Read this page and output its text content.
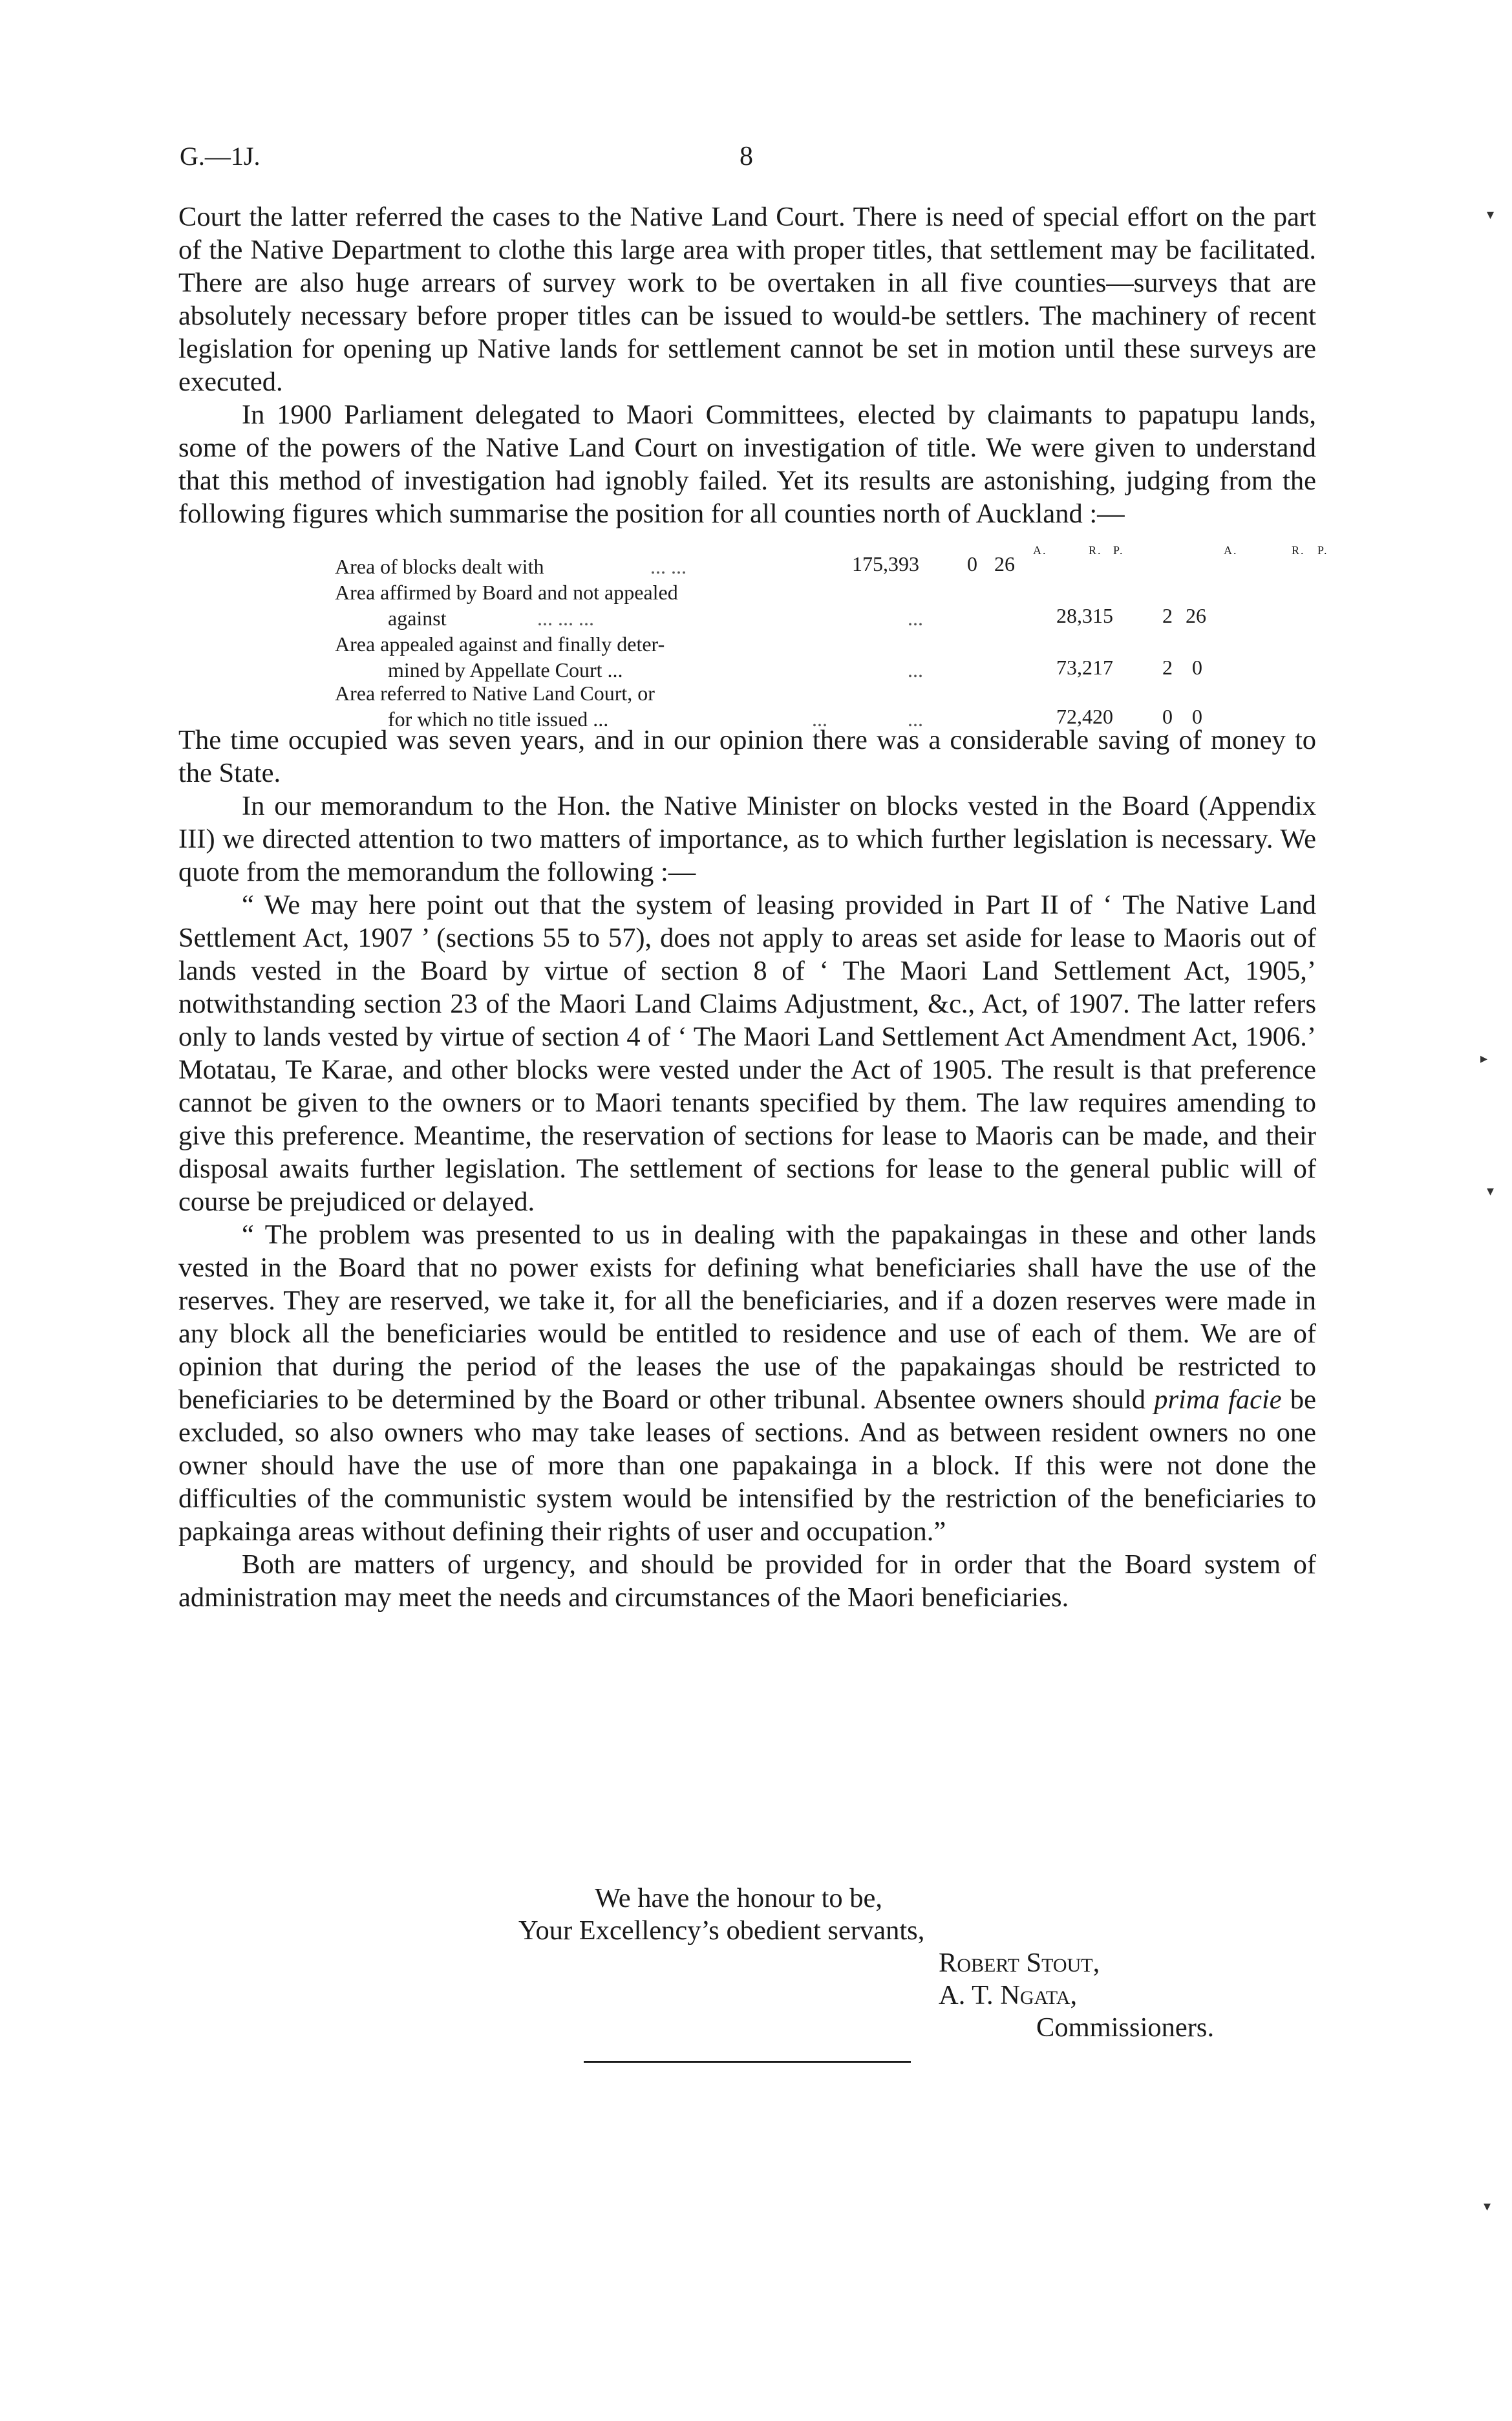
G.—1J.	8

Court the latter referred the cases to the Native Land Court. There is need of special effort on the part of the Native Department to clothe this large area with proper titles, that settlement may be facilitated. There are also huge arrears of survey work to be overtaken in all five counties—surveys that are absolutely necessary before proper titles can be issued to would-be settlers. The machinery of recent legislation for opening up Native lands for settlement cannot be set in motion until these surveys are executed.

In 1900 Parliament delegated to Maori Committees, elected by claimants to papatupu lands, some of the powers of the Native Land Court on investigation of title. We were given to understand that this method of investigation had ignobly failed. Yet its results are astonishing, judging from the following figures which summarise the position for all counties north of Auckland :—

A.	R. P.	A.	R. P.
Area of blocks dealt with	... ...	175,393 0 26
Area affirmed by Board and not appealed
against	... ... ...	...	28,315 2 26
Area appealed against and finally deter-
mined by Appellate Court ...	...	73,217 2 0
Area referred to Native Land Court, or
for which no title issued ...	...	...	72,420 0 0

The time occupied was seven years, and in our opinion there was a considerable saving of money to the State.

In our memorandum to the Hon. the Native Minister on blocks vested in the Board (Appendix III) we directed attention to two matters of importance, as to which further legislation is necessary. We quote from the memorandum the following :—

“ We may here point out that the system of leasing provided in Part II of ‘ The Native Land Settlement Act, 1907 ’ (sections 55 to 57), does not apply to areas set aside for lease to Maoris out of lands vested in the Board by virtue of section 8 of ‘ The Maori Land Settlement Act, 1905,’ notwithstanding section 23 of the Maori Land Claims Adjustment, &c., Act, of 1907. The latter refers only to lands vested by virtue of section 4 of ‘ The Maori Land Settlement Act Amendment Act, 1906.’ Motatau, Te Karae, and other blocks were vested under the Act of 1905. The result is that preference cannot be given to the owners or to Maori tenants specified by them. The law requires amending to give this preference. Meantime, the reservation of sections for lease to Maoris can be made, and their disposal awaits further legislation. The settlement of sections for lease to the general public will of course be prejudiced or delayed.

“ The problem was presented to us in dealing with the papakaingas in these and other lands vested in the Board that no power exists for defining what beneficiaries shall have the use of the reserves. They are reserved, we take it, for all the beneficiaries, and if a dozen reserves were made in any block all the beneficiaries would be entitled to residence and use of each of them. We are of opinion that during the period of the leases the use of the papakaingas should be restricted to beneficiaries to be determined by the Board or other tribunal. Absentee owners should prima facie be excluded, so also owners who may take leases of sections. And as between resident owners no one owner should have the use of more than one papakainga in a block. If this were not done the difficulties of the communistic system would be intensified by the restriction of the beneficiaries to papkainga areas without defining their rights of user and occupation.”

Both are matters of urgency, and should be provided for in order that the Board system of administration may meet the needs and circumstances of the Maori beneficiaries.

We have the honour to be,
Your Excellency’s obedient servants,
Robert Stout,
A. T. Ngata,
Commissioners.
▾
▸
▾
▾
